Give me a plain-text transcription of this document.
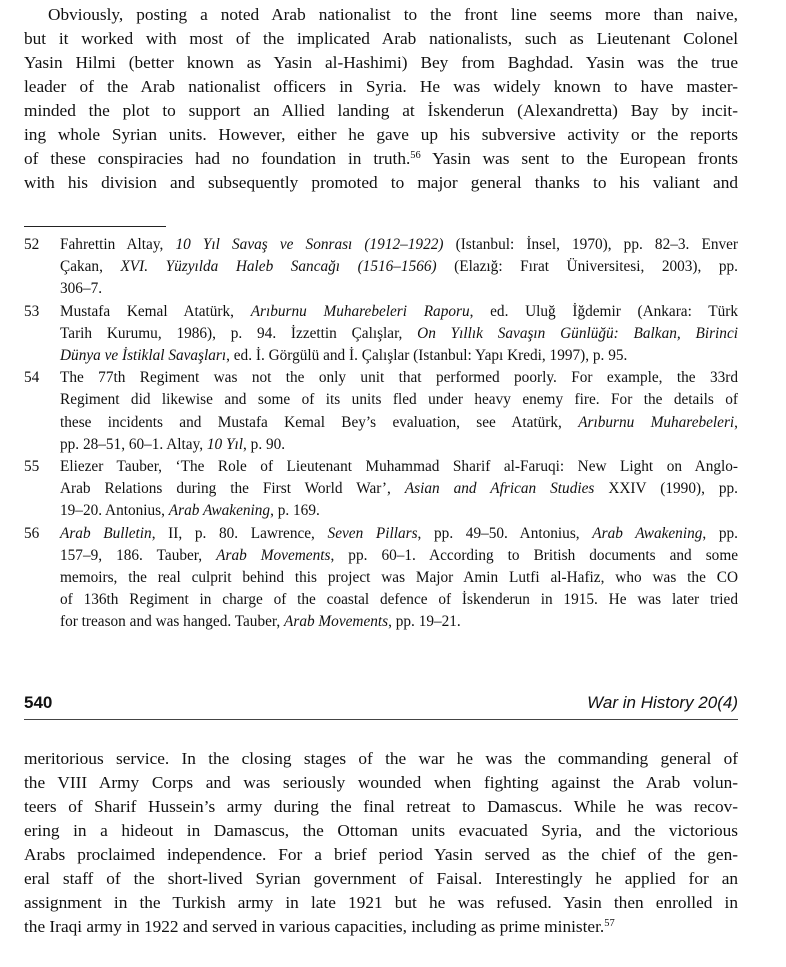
Obviously, posting a noted Arab nationalist to the front line seems more than naive,
but it worked with most of the implicated Arab nationalists, such as Lieutenant Colonel
Yasin Hilmi (better known as Yasin al-Hashimi) Bey from Baghdad. Yasin was the true
leader of the Arab nationalist officers in Syria. He was widely known to have master-
minded the plot to support an Allied landing at İskenderun (Alexandretta) Bay by incit-
ing whole Syrian units. However, either he gave up his subversive activity or the reports
of these conspiracies had no foundation in truth.$^{56}$ Yasin was sent to the European fronts
with his division and subsequently promoted to major general thanks to his valiant and
52 Fahrettin Altay, 10 Yıl Savaş ve Sonrası (1912–1922) (Istanbul: İnsel, 1970), pp. 82–3. Enver
Çakan, XVI. Yüzyılda Haleb Sancağı (1516–1566) (Elazığ: Fırat Üniversitesi, 2003), pp.
306–7.
53 Mustafa Kemal Atatürk, Arıburnu Muharebeleri Raporu, ed. Uluğ İğdemir (Ankara: Türk
Tarih Kurumu, 1986), p. 94. İzzettin Çalışlar, On Yıllık Savaşın Günlüğü: Balkan, Birinci
Dünya ve İstiklal Savaşları, ed. İ. Görgülü and İ. Çalışlar (Istanbul: Yapı Kredi, 1997), p. 95.
54 The 77th Regiment was not the only unit that performed poorly. For example, the 33rd
Regiment did likewise and some of its units fled under heavy enemy fire. For the details of
these incidents and Mustafa Kemal Bey’s evaluation, see Atatürk, Arıburnu Muharebeleri,
pp. 28–51, 60–1. Altay, 10 Yıl, p. 90.
55 Eliezer Tauber, ‘The Role of Lieutenant Muhammad Sharif al-Faruqi: New Light on Anglo-
Arab Relations during the First World War’, Asian and African Studies XXIV (1990), pp.
19–20. Antonius, Arab Awakening, p. 169.
56 Arab Bulletin, II, p. 80. Lawrence, Seven Pillars, pp. 49–50. Antonius, Arab Awakening, pp.
157–9, 186. Tauber, Arab Movements, pp. 60–1. According to British documents and some
memoirs, the real culprit behind this project was Major Amin Lutfi al-Hafiz, who was the CO
of 136th Regiment in charge of the coastal defence of İskenderun in 1915. He was later tried
for treason and was hanged. Tauber, Arab Movements, pp. 19–21.
540	War in History 20(4)
meritorious service. In the closing stages of the war he was the commanding general of
the VIII Army Corps and was seriously wounded when fighting against the Arab volun-
teers of Sharif Hussein’s army during the final retreat to Damascus. While he was recov-
ering in a hideout in Damascus, the Ottoman units evacuated Syria, and the victorious
Arabs proclaimed independence. For a brief period Yasin served as the chief of the gen-
eral staff of the short-lived Syrian government of Faisal. Interestingly he applied for an
assignment in the Turkish army in late 1921 but he was refused. Yasin then enrolled in
the Iraqi army in 1922 and served in various capacities, including as prime minister.$^{57}$
